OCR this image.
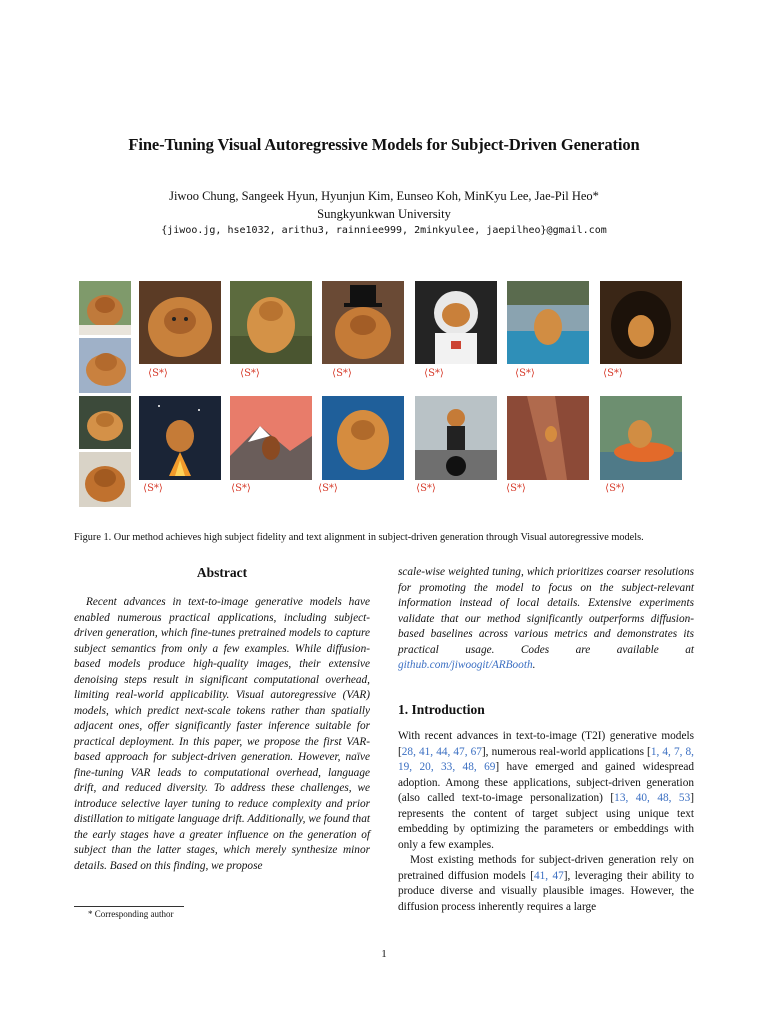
Fine-Tuning Visual Autoregressive Models for Subject-Driven Generation
Jiwoo Chung, Sangeek Hyun, Hyunjun Kim, Eunseo Koh, MinKyu Lee, Jae-Pil Heo*
Sungkyunkwan University
{jiwoo.jg, hse1032, arithu3, rainniee999, 2minkyulee, jaepilheo}@gmail.com
⟨S*⟩	⟨S*⟩	⟨S*⟩	⟨S*⟩	⟨S*⟩	⟨S*⟩
⟨S*⟩	⟨S*⟩	⟨S*⟩	⟨S*⟩	⟨S*⟩	⟨S*⟩
Figure 1. Our method achieves high subject fidelity and text alignment in subject-driven generation through Visual autoregressive models.
Abstract

Recent advances in text-to-image generative models have enabled numerous practical applications, including subject-driven generation, which fine-tunes pretrained models to capture subject semantics from only a few examples. While diffusion-based models produce high-quality images, their extensive denoising steps result in significant computational overhead, limiting real-world applicability. Visual autoregressive (VAR) models, which predict next-scale tokens rather than spatially adjacent ones, offer significantly faster inference suitable for practical deployment. In this paper, we propose the first VAR-based approach for subject-driven generation. However, naïve fine-tuning VAR leads to computational overhead, language drift, and reduced diversity. To address these challenges, we introduce selective layer tuning to reduce complexity and prior distillation to mitigate language drift. Additionally, we found that the early stages have a greater influence on the generation of subject than the latter stages, which merely synthesize minor details. Based on this finding, we propose

scale-wise weighted tuning, which prioritizes coarser resolutions for promoting the model to focus on the subject-relevant information instead of local details. Extensive experiments validate that our method significantly outperforms diffusion-based baselines across various metrics and demonstrates its practical usage. Codes are available at github.com/jiwoogit/ARBooth.

1. Introduction

With recent advances in text-to-image (T2I) generative models [28, 41, 44, 47, 67], numerous real-world applications [1, 4, 7, 8, 19, 20, 33, 48, 69] have emerged and gained widespread adoption. Among these applications, subject-driven generation (also called text-to-image personalization) [13, 40, 48, 53] represents the content of target subject using unique text embedding by optimizing the parameters or embeddings with only a few examples.

Most existing methods for subject-driven generation rely on pretrained diffusion models [41, 47], leveraging their ability to produce diverse and visually plausible images. However, the diffusion process inherently requires a large

* Corresponding author
1
